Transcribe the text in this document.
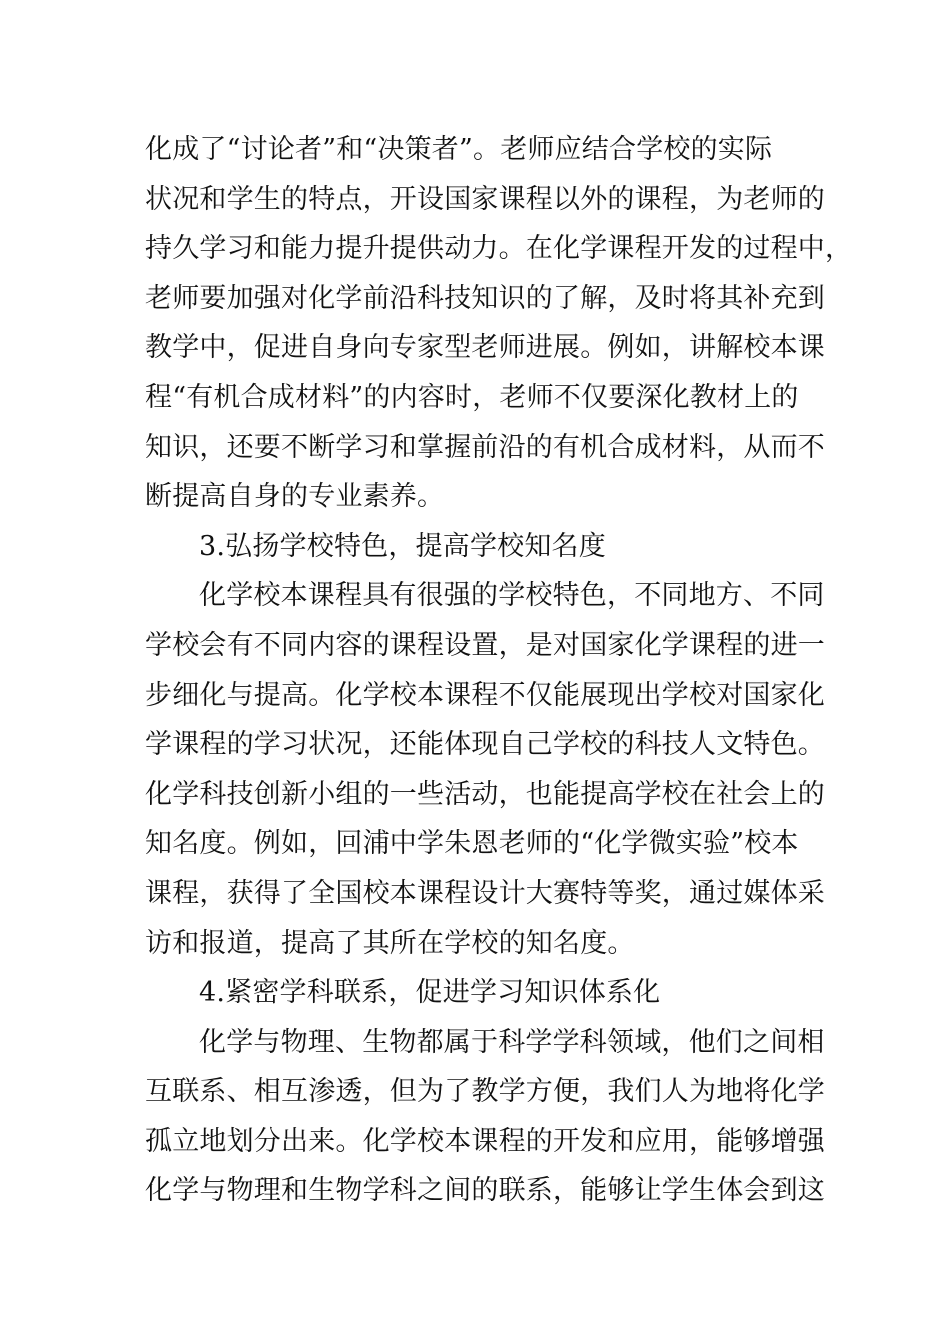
化成了“讨论者”和“决策者”。老师应结合学校的实际
状况和学生的特点，开设国家课程以外的课程，为老师的
持久学习和能力提升提供动力。在化学课程开发的过程中，
老师要加强对化学前沿科技知识的了解，及时将其补充到
教学中，促进自身向专家型老师进展。例如，讲解校本课
程“有机合成材料”的内容时，老师不仅要深化教材上的
知识，还要不断学习和掌握前沿的有机合成材料，从而不
断提高自身的专业素养。
3.弘扬学校特色，提高学校知名度
化学校本课程具有很强的学校特色，不同地方、不同
学校会有不同内容的课程设置，是对国家化学课程的进一
步细化与提高。化学校本课程不仅能展现出学校对国家化
学课程的学习状况，还能体现自己学校的科技人文特色。
化学科技创新小组的一些活动，也能提高学校在社会上的
知名度。例如，回浦中学朱恩老师的“化学微实验”校本
课程，获得了全国校本课程设计大赛特等奖，通过媒体采
访和报道，提高了其所在学校的知名度。
4.紧密学科联系，促进学习知识体系化
化学与物理、生物都属于科学学科领域，他们之间相
互联系、相互渗透，但为了教学方便，我们人为地将化学
孤立地划分出来。化学校本课程的开发和应用，能够增强
化学与物理和生物学科之间的联系，能够让学生体会到这
